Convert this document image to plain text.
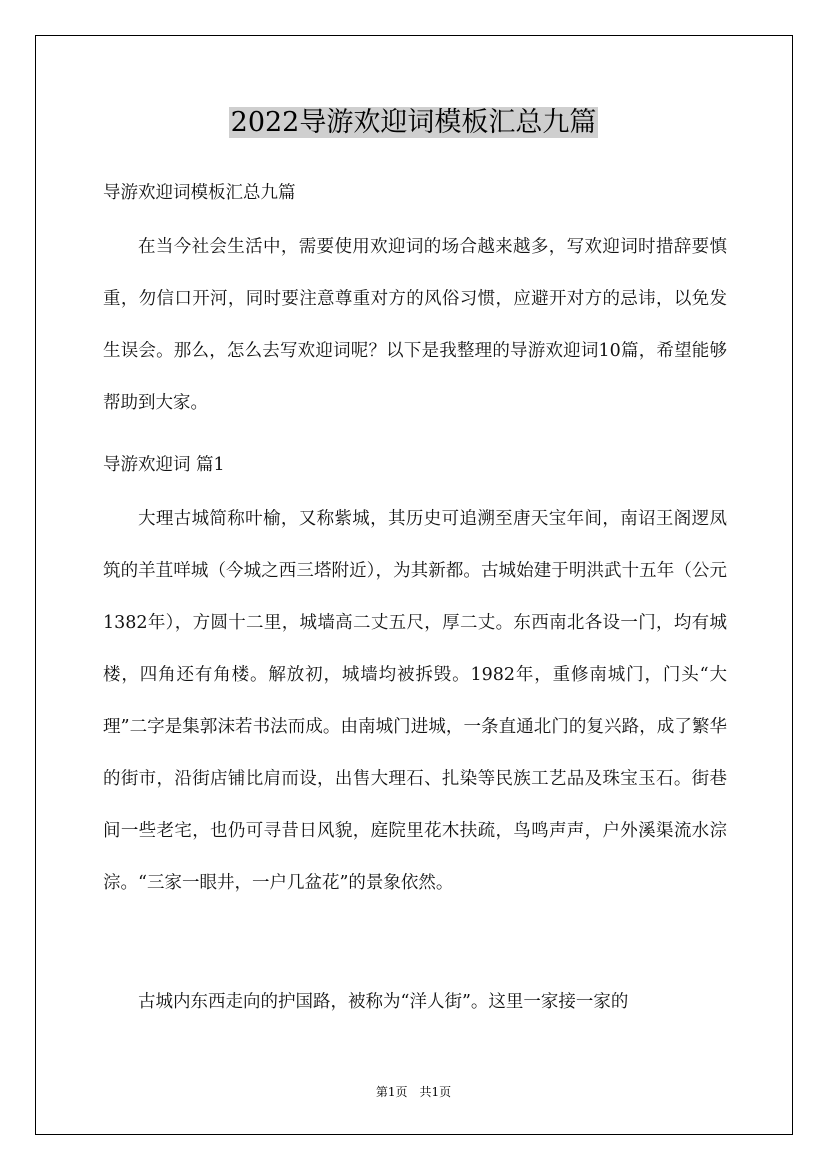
2022导游欢迎词模板汇总九篇

导游欢迎词模板汇总九篇

在当今社会生活中，需要使用欢迎词的场合越来越多，写欢迎词时措辞要慎重，勿信口开河，同时要注意尊重对方的风俗习惯，应避开对方的忌讳，以免发生误会。那么，怎么去写欢迎词呢？以下是我整理的导游欢迎词10篇，希望能够帮助到大家。

导游欢迎词 篇1

大理古城简称叶榆，又称紫城，其历史可追溯至唐天宝年间，南诏王阁逻凤筑的羊苴咩城（今城之西三塔附近），为其新都。古城始建于明洪武十五年（公元1382年），方圆十二里，城墙高二丈五尺，厚二丈。东西南北各设一门，均有城楼，四角还有角楼。解放初，城墙均被拆毁。1982年，重修南城门，门头“大理”二字是集郭沫若书法而成。由南城门进城，一条直通北门的复兴路，成了繁华的街市，沿街店铺比肩而设，出售大理石、扎染等民族工艺品及珠宝玉石。街巷间一些老宅，也仍可寻昔日风貌，庭院里花木扶疏，鸟鸣声声，户外溪渠流水淙淙。“三家一眼井，一户几盆花”的景象依然。

古城内东西走向的护国路，被称为“洋人街”。这里一家接一家的

第1页　共1页
